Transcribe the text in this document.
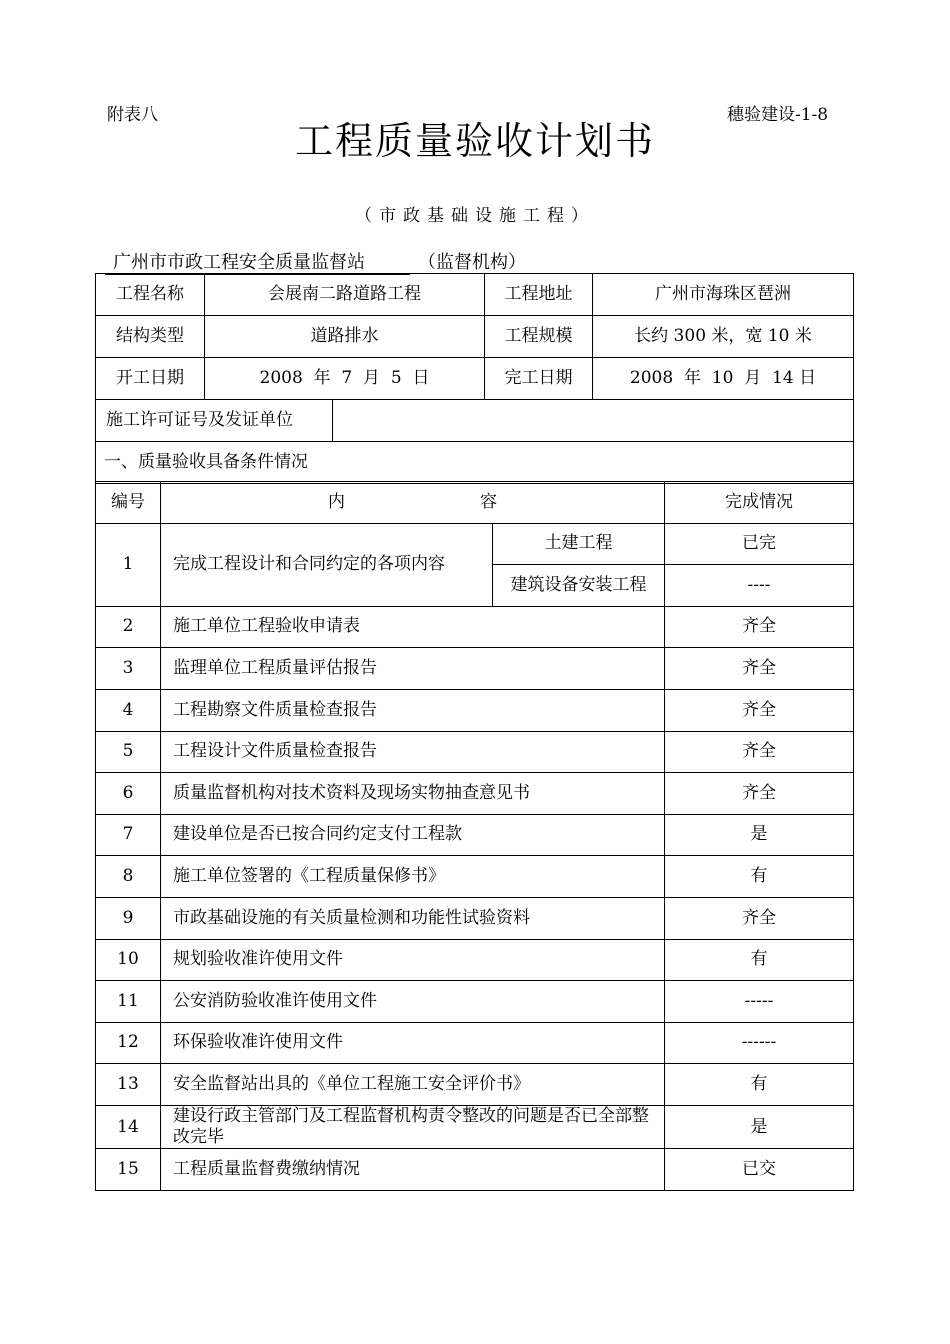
附表八	穗验建设-1-8
工程质量验收计划书
（市政基础设施工程）
广州市市政工程安全质量监督站	（监督机构）
工程名称	会展南二路道路工程		工程地址	广州市海珠区琶洲
结构类型	道路排水		工程规模	长约 300 米，宽 10 米
开工日期	2008  年  7  月  5  日		完工日期	2008  年  10  月  14 日
施工许可证号及发证单位				
一、质量验收具备条件情况				
编号	内 容		完成情况
1	完成工程设计和合同约定的各项内容	土建工程	已完
		建筑设备安装工程	----
2	施工单位工程验收申请表		齐全
3	监理单位工程质量评估报告		齐全
4	工程勘察文件质量检查报告		齐全
5	工程设计文件质量检查报告		齐全
6	质量监督机构对技术资料及现场实物抽查意见书		齐全
7	建设单位是否已按合同约定支付工程款		是
8	施工单位签署的《工程质量保修书》		有
9	市政基础设施的有关质量检测和功能性试验资料		齐全
10	规划验收准许使用文件		有
11	公安消防验收准许使用文件		-----
12	环保验收准许使用文件		------
13	安全监督站出具的《单位工程施工安全评价书》		有
14	建设行政主管部门及工程监督机构责令整改的问题是否已全部整改完毕		是
15	工程质量监督费缴纳情况		已交
